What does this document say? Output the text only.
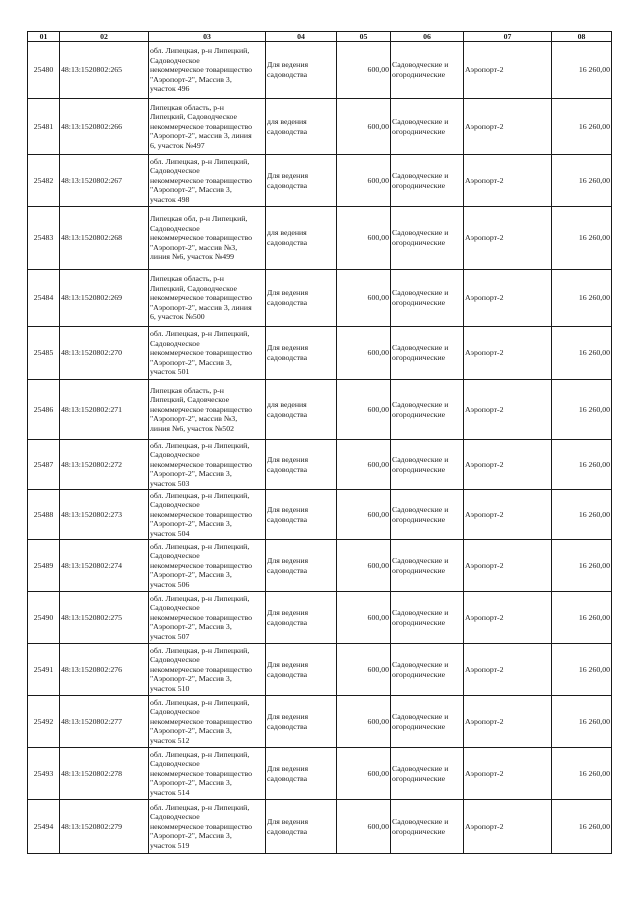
01	02	03	04	05	06	07	08
25480	48:13:1520802:265	обл. Липецкая, р-н Липецкий,
Садоводческое
некоммерческое товарищество
"Аэропорт-2", Массив 3,
участок 496	Для ведения
садоводства	600,00	Садоводческие и
огороднические	Аэропорт-2	16 260,00
25481	48:13:1520802:266	Липецкая область, р-н
Липецкий, Садоводческое
некоммерческое товарищество
"Аэропорт-2", массив 3, линия
6, участок №497	для ведения
садоводства	600,00	Садоводческие и
огороднические	Аэропорт-2	16 260,00
25482	48:13:1520802:267	обл. Липецкая, р-н Липецкий,
Садоводческое
некоммерческое товарищество
"Аэропорт-2", Массив 3,
участок 498	Для ведения
садоводства	600,00	Садоводческие и
огороднические	Аэропорт-2	16 260,00
25483	48:13:1520802:268	Липецкая обл, р-н Липецкий,
Садоводческое
некоммерческое товарищество
"Аэропорт-2", массив №3,
линия №6, участок №499	для ведения
садоводства	600,00	Садоводческие и
огороднические	Аэропорт-2	16 260,00
25484	48:13:1520802:269	Липецкая область, р-н
Липецкий, Садоводческое
некоммерческое товарищество
"Аэропорт-2", массив 3, линия
6, участок №500	Для ведения
садоводства	600,00	Садоводческие и
огороднические	Аэропорт-2	16 260,00
25485	48:13:1520802:270	обл. Липецкая, р-н Липецкий,
Садоводческое
некоммерческое товарищество
"Аэропорт-2", Массив 3,
участок 501	Для ведения
садоводства	600,00	Садоводческие и
огороднические	Аэропорт-2	16 260,00
25486	48:13:1520802:271	Липецкая область, р-н
Липецкий, Садовческое
некоммерческое товарищество
"Аэропорт-2", массив №3,
линия №6, участок №502	для ведения
садоводства	600,00	Садоводческие и
огороднические	Аэропорт-2	16 260,00
25487	48:13:1520802:272	обл. Липецкая, р-н Липецкий,
Садоводческое
некоммерческое товарищество
"Аэропорт-2", Массив 3,
участок 503	Для ведения
садоводства	600,00	Садоводческие и
огороднические	Аэропорт-2	16 260,00
25488	48:13:1520802:273	обл. Липецкая, р-н Липецкий,
Садоводческое
некоммерческое товарищество
"Аэропорт-2", Массив 3,
участок 504	Для ведения
садоводства	600,00	Садоводческие и
огороднические	Аэропорт-2	16 260,00
25489	48:13:1520802:274	обл. Липецкая, р-н Липецкий,
Садоводческое
некоммерческое товарищество
"Аэропорт-2", Массив 3,
участок 506	Для ведения
садоводства	600,00	Садоводческие и
огороднические	Аэропорт-2	16 260,00
25490	48:13:1520802:275	обл. Липецкая, р-н Липецкий,
Садоводческое
некоммерческое товарищество
"Аэропорт-2", Массив 3,
участок 507	Для ведения
садоводства	600,00	Садоводческие и
огороднические	Аэропорт-2	16 260,00
25491	48:13:1520802:276	обл. Липецкая, р-н Липецкий,
Садоводческое
некоммерческое товарищество
"Аэропорт-2", Массив 3,
участок 510	Для ведения
садоводства	600,00	Садоводческие и
огороднические	Аэропорт-2	16 260,00
25492	48:13:1520802:277	обл. Липецкая, р-н Липецкий,
Садоводческое
некоммерческое товарищество
"Аэропорт-2", Массив 3,
участок 512	Для ведения
садоводства	600,00	Садоводческие и
огороднические	Аэропорт-2	16 260,00
25493	48:13:1520802:278	обл. Липецкая, р-н Липецкий,
Садоводческое
некоммерческое товарищество
"Аэропорт-2", Массив 3,
участок 514	Для ведения
садоводства	600,00	Садоводческие и
огороднические	Аэропорт-2	16 260,00
25494	48:13:1520802:279	обл. Липецкая, р-н Липецкий,
Садоводческое
некоммерческое товарищество
"Аэропорт-2", Массив 3,
участок 519	Для ведения
садоводства	600,00	Садоводческие и
огороднические	Аэропорт-2	16 260,00
